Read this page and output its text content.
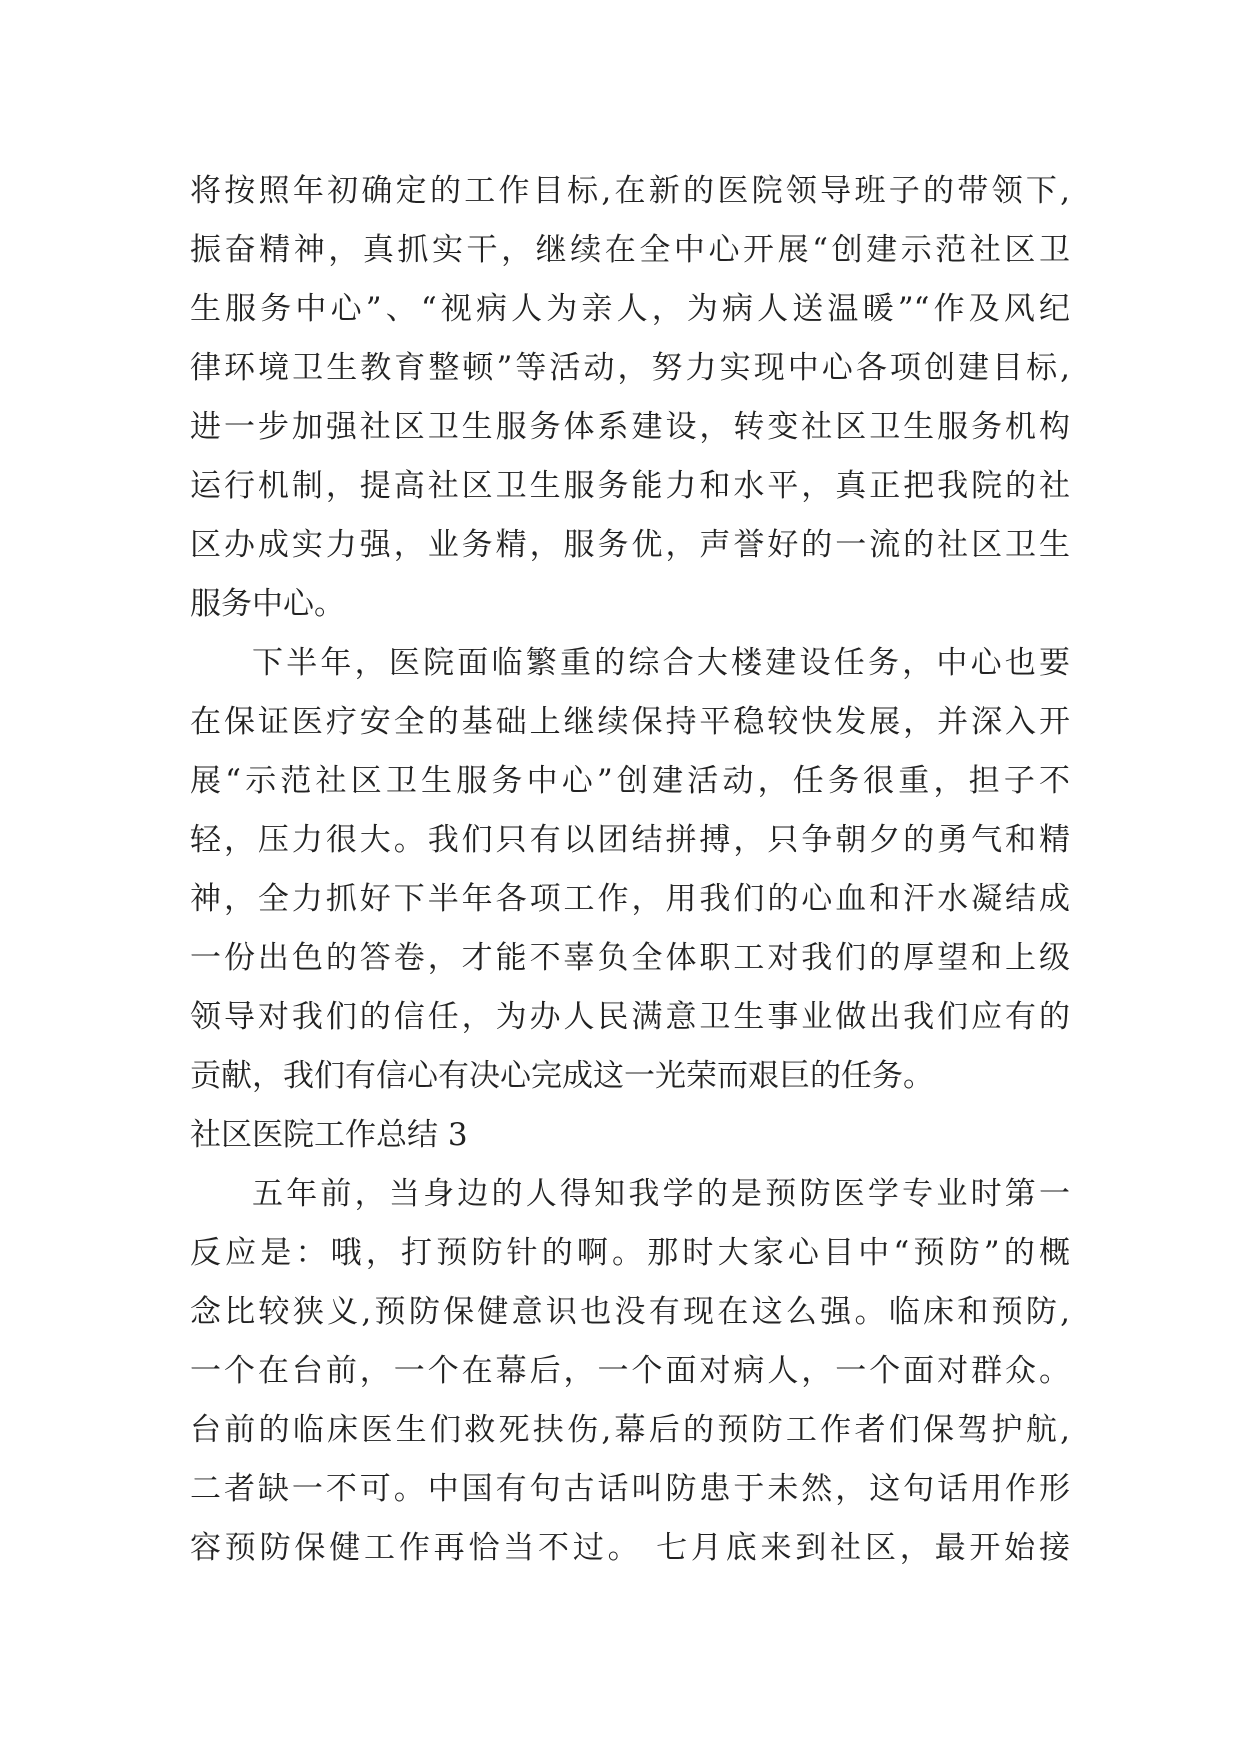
将按照年初确定的工作目标,在新的医院领导班子的带领下,
振奋精神，真抓实干，继续在全中心开展“创建示范社区卫
生服务中心”、“视病人为亲人，为病人送温暖”“作及风纪
律环境卫生教育整顿”等活动，努力实现中心各项创建目标,
进一步加强社区卫生服务体系建设，转变社区卫生服务机构
运行机制，提高社区卫生服务能力和水平，真正把我院的社
区办成实力强，业务精，服务优，声誉好的一流的社区卫生
服务中心。
下半年，医院面临繁重的综合大楼建设任务，中心也要
在保证医疗安全的基础上继续保持平稳较快发展，并深入开
展“示范社区卫生服务中心”创建活动，任务很重，担子不
轻，压力很大。我们只有以团结拼搏，只争朝夕的勇气和精
神，全力抓好下半年各项工作，用我们的心血和汗水凝结成
一份出色的答卷，才能不辜负全体职工对我们的厚望和上级
领导对我们的信任，为办人民满意卫生事业做出我们应有的
贡献，我们有信心有决心完成这一光荣而艰巨的任务。
社区医院工作总结 3
五年前，当身边的人得知我学的是预防医学专业时第一
反应是：哦，打预防针的啊。那时大家心目中“预防”的概
念比较狭义,预防保健意识也没有现在这么强。临床和预防,
一个在台前，一个在幕后，一个面对病人，一个面对群众。
台前的临床医生们救死扶伤,幕后的预防工作者们保驾护航,
二者缺一不可。中国有句古话叫防患于未然，这句话用作形
容预防保健工作再恰当不过。 七月底来到社区，最开始接
